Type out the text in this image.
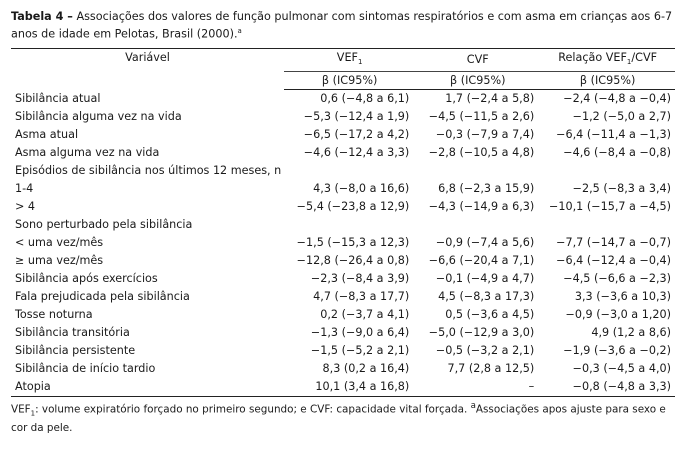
Tabela 4 – Associações dos valores de função pulmonar com sintomas respiratórios e com asma em crianças aos 6-7 anos de idade em Pelotas, Brasil (2000).$^a$
Variável	$VEF_1$	CVF	Relação $VEF_1$/CVF
	β (IC95%)	β (IC95%)	β (IC95%)
Sibilância atual	0,6 (−4,8 a 6,1)	1,7 (−2,4 a 5,8)	−2,4 (−4,8 a −0,4)
Sibilância alguma vez na vida	−5,3 (−12,4 a 1,9)	−4,5 (−11,5 a 2,6)	−1,2 (−5,0 a 2,7)
Asma atual	−6,5 (−17,2 a 4,2)	−0,3 (−7,9 a 7,4)	−6,4 (−11,4 a −1,3)
Asma alguma vez na vida	−4,6 (−12,4 a 3,3)	−2,8 (−10,5 a 4,8)	−4,6 (−8,4 a −0,8)
Episódios de sibilância nos últimos 12 meses, n			
1-4	4,3 (−8,0 a 16,6)	6,8 (−2,3 a 15,9)	−2,5 (−8,3 a 3,4)
> 4	−5,4 (−23,8 a 12,9)	−4,3 (−14,9 a 6,3)	−10,1 (−15,7 a −4,5)
Sono perturbado pela sibilância			
< uma vez/mês	−1,5 (−15,3 a 12,3)	−0,9 (−7,4 a 5,6)	−7,7 (−14,7 a −0,7)
≥ uma vez/mês	−12,8 (−26,4 a 0,8)	−6,6 (−20,4 a 7,1)	−6,4 (−12,4 a −0,4)
Sibilância após exercícios	−2,3 (−8,4 a 3,9)	−0,1 (−4,9 a 4,7)	−4,5 (−6,6 a −2,3)
Fala prejudicada pela sibilância	4,7 (−8,3 a 17,7)	4,5 (−8,3 a 17,3)	3,3 (−3,6 a 10,3)
Tosse noturna	0,2 (−3,7 a 4,1)	0,5 (−3,6 a 4,5)	−0,9 (−3,0 a 1,20)
Sibilância transitória	−1,3 (−9,0 a 6,4)	−5,0 (−12,9 a 3,0)	4,9 (1,2 a 8,6)
Sibilância persistente	−1,5 (−5,2 a 2,1)	−0,5 (−3,2 a 2,1)	−1,9 (−3,6 a −0,2)
Sibilância de início tardio	8,3 (0,2 a 16,4)	7,7 (2,8 a 12,5)	−0,3 (−4,5 a 4,0)
Atopia	10,1 (3,4 a 16,8)	–	−0,8 (−4,8 a 3,3)
$VEF_1$: volume expiratório forçado no primeiro segundo; e CVF: capacidade vital forçada. $^a$Associações apos ajuste para sexo e cor da pele.
